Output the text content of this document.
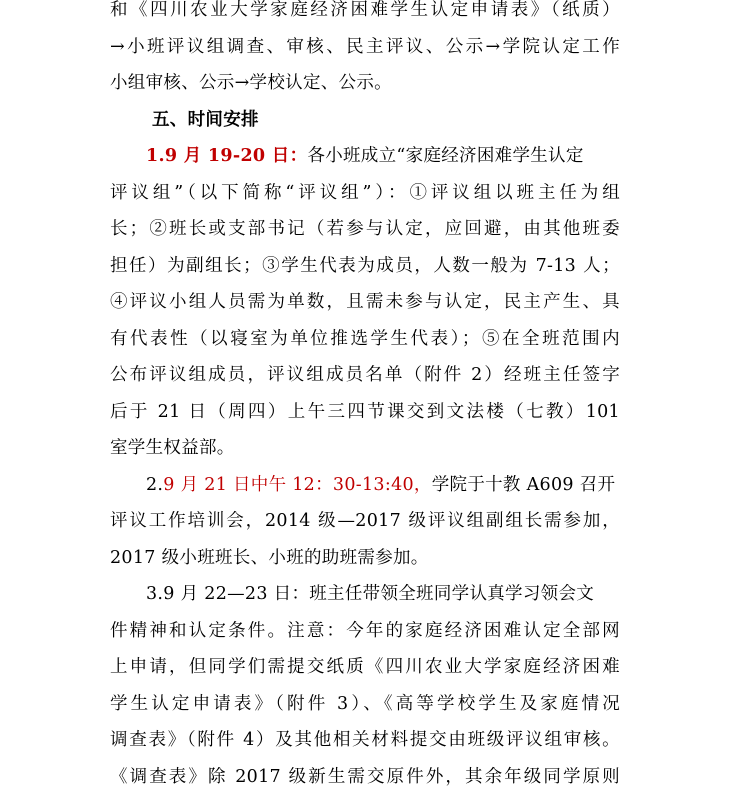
和《四川农业大学家庭经济困难学生认定申请表》（纸质）
→小班评议组调查、审核、民主评议、公示→学院认定工作
小组审核、公示→学校认定、公示。
五、时间安排
1.9 月 19-20 日：各小班成立“家庭经济困难学生认定
评议组”（以下简称“评议组”）：①评议组以班主任为组
长；②班长或支部书记（若参与认定，应回避，由其他班委
担任）为副组长；③学生代表为成员，人数一般为 7-13 人；
④评议小组人员需为单数，且需未参与认定，民主产生、具
有代表性（以寝室为单位推选学生代表）；⑤在全班范围内
公布评议组成员，评议组成员名单（附件 2）经班主任签字
后于 21 日（周四）上午三四节课交到文法楼（七教）101
室学生权益部。
2.9 月 21 日中午 12：30-13:40，学院于十教 A609 召开
评议工作培训会，2014 级—2017 级评议组副组长需参加，
2017 级小班班长、小班的助班需参加。
3.9 月 22—23 日：班主任带领全班同学认真学习领会文
件精神和认定条件。注意：今年的家庭经济困难认定全部网
上申请，但同学们需提交纸质《四川农业大学家庭经济困难
学生认定申请表》（附件 3）、《高等学校学生及家庭情况
调查表》（附件 4）及其他相关材料提交由班级评议组审核。
《调查表》除 2017 级新生需交原件外，其余年级同学原则
